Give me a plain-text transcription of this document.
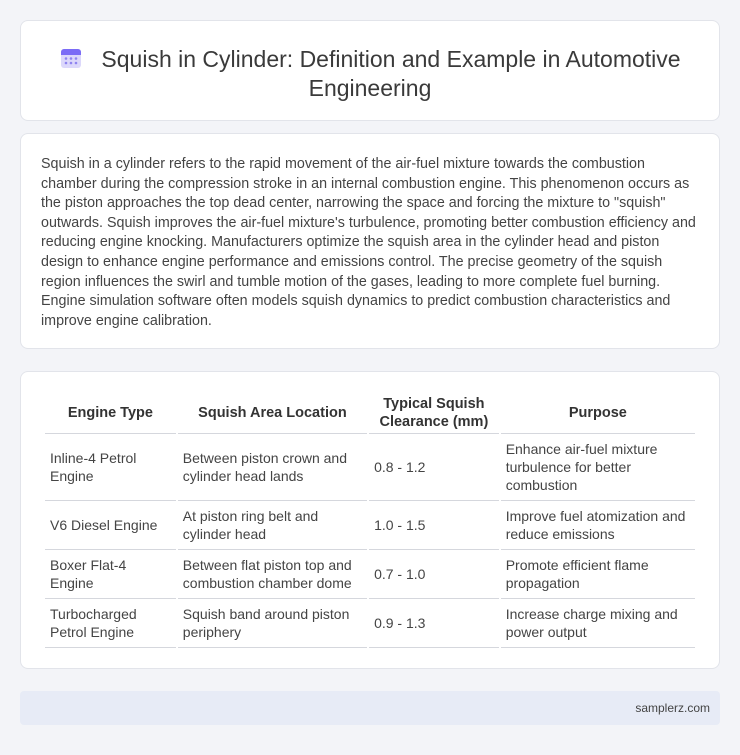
Squish in Cylinder: Definition and Example in Automotive Engineering

Squish in a cylinder refers to the rapid movement of the air-fuel mixture towards the combustion chamber during the compression stroke in an internal combustion engine. This phenomenon occurs as the piston approaches the top dead center, narrowing the space and forcing the mixture to "squish" outwards. Squish improves the air-fuel mixture's turbulence, promoting better combustion efficiency and reducing engine knocking. Manufacturers optimize the squish area in the cylinder head and piston design to enhance engine performance and emissions control. The precise geometry of the squish region influences the swirl and tumble motion of the gases, leading to more complete fuel burning. Engine simulation software often models squish dynamics to predict combustion characteristics and improve engine calibration.

Engine Type	Squish Area Location	Typical Squish Clearance (mm)	Purpose
Inline-4 Petrol Engine	Between piston crown and cylinder head lands	0.8 - 1.2	Enhance air-fuel mixture turbulence for better combustion
V6 Diesel Engine	At piston ring belt and cylinder head	1.0 - 1.5	Improve fuel atomization and reduce emissions
Boxer Flat-4 Engine	Between flat piston top and combustion chamber dome	0.7 - 1.0	Promote efficient flame propagation
Turbocharged Petrol Engine	Squish band around piston periphery	0.9 - 1.3	Increase charge mixing and power output
samplerz.com
